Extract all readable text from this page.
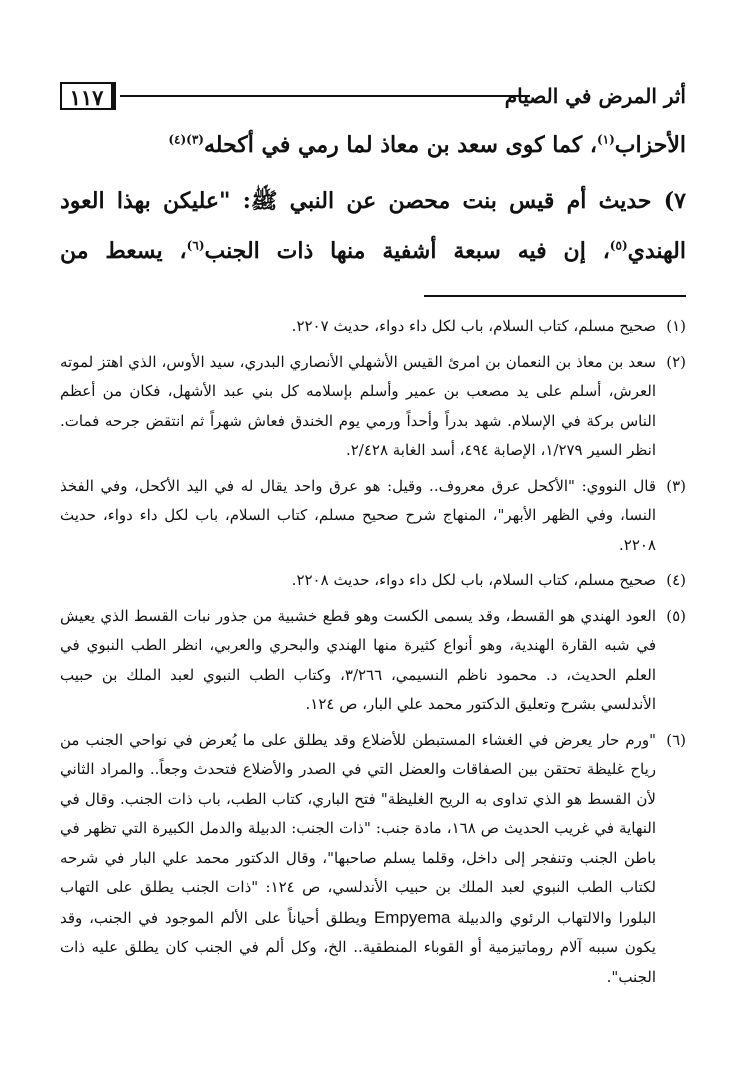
١١٧	أثر المرض في الصيام

الأحزاب$^{(١)}$، كما كوى سعد بن معاذ لما رمي في أكحله$^{(٣)(٤)}$

٧) حديث أم قيس بنت محصن عن النبي ﷺ: "عليكن بهذا العود

الهندي$^{(٥)}$، إن فيه سبعة أشفية منها ذات الجنب$^{(٦)}$، يسعط من

(١)
صحيح مسلم، كتاب السلام، باب لكل داء دواء، حديث ٢٢٠٧.
(٢)
سعد بن معاذ بن النعمان بن امرئ القيس الأشهلي الأنصاري البدري، سيد الأوس، الذي اهتز لموته العرش، أسلم على يد مصعب بن عمير وأسلم بإسلامه كل بني عبد الأشهل، فكان من أعظم الناس بركة في الإسلام. شهد بدراً وأحداً ورمي يوم الخندق فعاش شهراً ثم انتقض جرحه فمات. انظر السير ١/٢٧٩، الإصابة ٤٩٤، أسد الغابة ٢/٤٢٨.
(٣)
قال النووي: "الأكحل عرق معروف.. وقيل: هو عرق واحد يقال له في اليد الأكحل، وفي الفخذ النسا، وفي الظهر الأبهر"، المنهاج شرح صحيح مسلم، كتاب السلام، باب لكل داء دواء، حديث ٢٢٠٨.
(٤)
صحيح مسلم، كتاب السلام، باب لكل داء دواء، حديث ٢٢٠٨.
(٥)
العود الهندي هو القسط، وقد يسمى الكست وهو قطع خشبية من جذور نبات القسط الذي يعيش في شبه القارة الهندية، وهو أنواع كثيرة منها الهندي والبحري والعربي، انظر الطب النبوي في العلم الحديث، د. محمود ناظم النسيمي، ٣/٢٦٦، وكتاب الطب النبوي لعبد الملك بن حبيب الأندلسي بشرح وتعليق الدكتور محمد علي البار، ص ١٢٤.
(٦)
"ورم حار يعرض في الغشاء المستبطن للأضلاع وقد يطلق على ما يُعرض في نواحي الجنب من رياح غليظة تحتقن بين الصفاقات والعضل التي في الصدر والأضلاع فتحدث وجعاً.. والمراد الثاني لأن القسط هو الذي تداوى به الريح الغليظة" فتح الباري، كتاب الطب، باب ذات الجنب. وقال في النهاية في غريب الحديث ص ١٦٨، مادة جنب: "ذات الجنب: الدبيلة والدمل الكبيرة التي تظهر في باطن الجنب وتنفجر إلى داخل، وقلما يسلم صاحبها"، وقال الدكتور محمد علي البار في شرحه لكتاب الطب النبوي لعبد الملك بن حبيب الأندلسي، ص ١٢٤: "ذات الجنب يطلق على التهاب البلورا والالتهاب الرئوي والدبيلة Empyema ويطلق أحياناً على الألم الموجود في الجنب، وقد يكون سببه آلام روماتيزمية أو القوباء المنطقية.. الخ، وكل ألم في الجنب كان يطلق عليه ذات الجنب".
